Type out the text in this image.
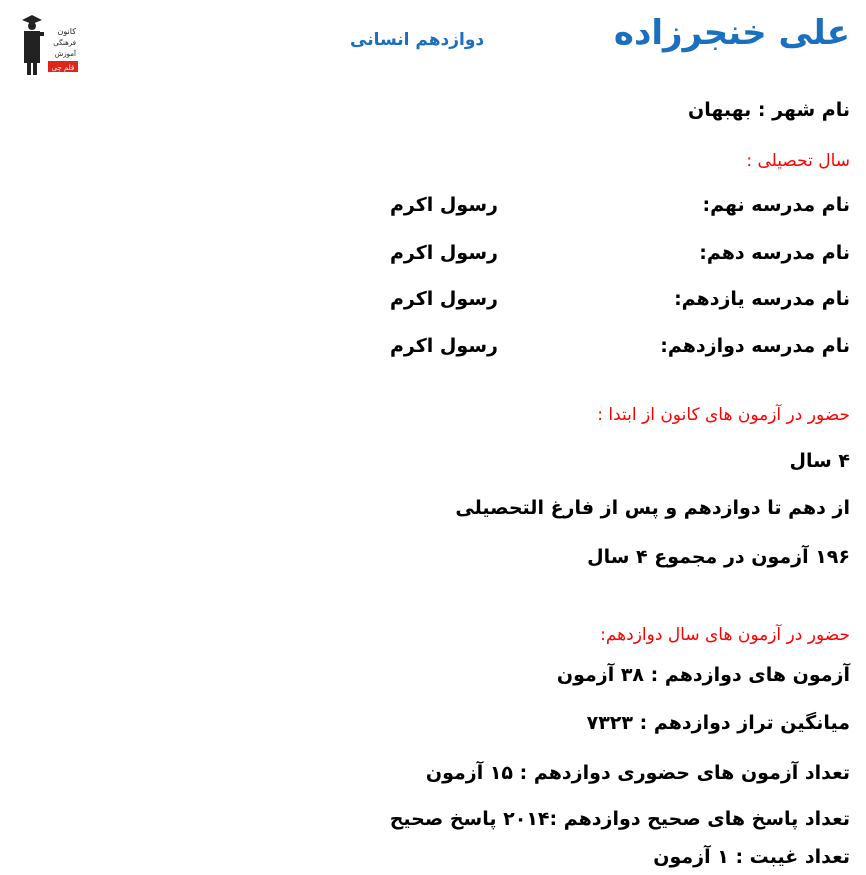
کانون
فرهنگی
آموزش
قلم چی
دوازدهم انسانی	علی خنجرزاده
نام شهر : بهبهان
سال تحصیلی :
نام مدرسه نهم:
رسول اکرم
نام مدرسه دهم:
رسول اکرم
نام مدرسه یازدهم:
رسول اکرم
نام مدرسه دوازدهم:
رسول اکرم
حضور در آزمون های کانون از ابتدا :
۴ سال
از دهم تا دوازدهم و پس از فارغ التحصیلی
۱۹۶ آزمون در مجموع ۴ سال
حضور در آزمون های سال دوازدهم:
آزمون های دوازدهم : ۳۸ آزمون
میانگین تراز دوازدهم : ۷۳۲۳
تعداد آزمون های حضوری دوازدهم : ۱۵ آزمون
تعداد پاسخ های صحیح دوازدهم :۲۰۱۴ پاسخ صحیح
تعداد غیبت : ۱ آزمون
